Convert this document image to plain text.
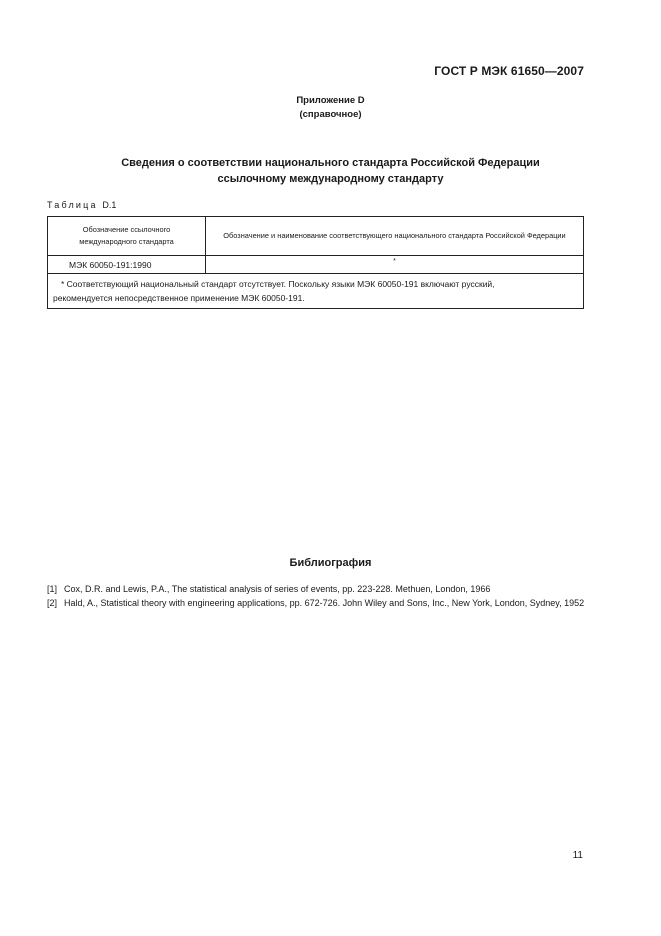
ГОСТ Р МЭК 61650—2007
Приложение D
(справочное)
Сведения о соответствии национального стандарта Российской Федерации
ссылочному международному стандарту
Таблица D.1
Обозначение ссылочного международного стандарта	Обозначение и наименование соответствующего национального стандарта Российской Федерации

МЭК 60050-191:1990	*

* Соответствующий национальный стандарт отсутствует. Поскольку языки МЭК 60050-191 включают русский,
рекомендуется непосредственное применение МЭК 60050-191.	
Библиография
[1] Cox, D.R. and Lewis, P.A., The statistical analysis of series of events, pp. 223-228. Methuen, London, 1966
[2] Hald, A., Statistical theory with engineering applications, pp. 672-726. John Wiley and Sons, Inc., New York, London, Sydney, 1952
11
